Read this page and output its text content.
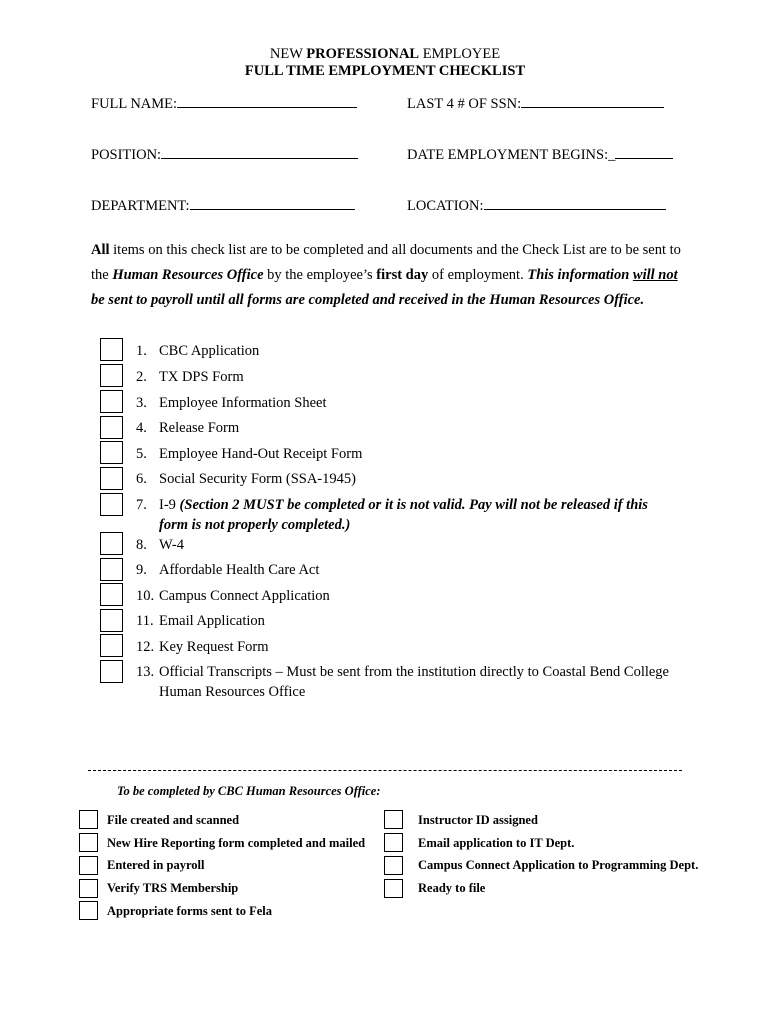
NEW PROFESSIONAL EMPLOYEE
FULL TIME EMPLOYMENT CHECKLIST
FULL NAME:	LAST 4 # OF SSN:
POSITION:	DATE EMPLOYMENT BEGINS:_
DEPARTMENT:	LOCATION:
All items on this check list are to be completed and all documents and the Check List are to be sent to the Human Resources Office by the employee’s first day of employment. This information will not be sent to payroll until all forms are completed and received in the Human Resources Office.
1. CBC Application
2. TX DPS Form
3. Employee Information Sheet
4. Release Form
5. Employee Hand-Out Receipt Form
6. Social Security Form (SSA-1945)
7. I-9 (Section 2 MUST be completed or it is not valid. Pay will not be released if this form is not properly completed.)
8. W-4
9. Affordable Health Care Act
10. Campus Connect Application
11. Email Application
12. Key Request Form
13. Official Transcripts – Must be sent from the institution directly to Coastal Bend College Human Resources Office
To be completed by CBC Human Resources Office:
File created and scanned
New Hire Reporting form completed and mailed
Entered in payroll
Verify TRS Membership
Appropriate forms sent to Fela
Instructor ID assigned
Email application to IT Dept.
Campus Connect Application to Programming Dept.
Ready to file
